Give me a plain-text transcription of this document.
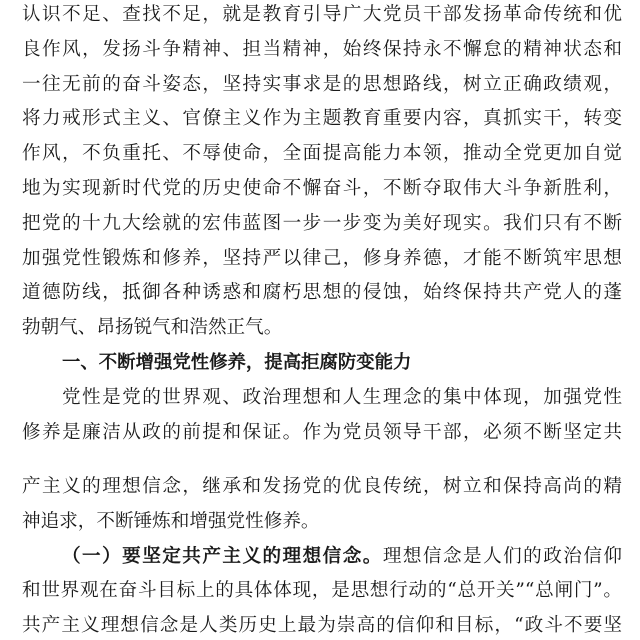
认识不足、查找不足，就是教育引导广大党员干部发扬革命传统和优
良作风，发扬斗争精神、担当精神，始终保持永不懈怠的精神状态和
一往无前的奋斗姿态，坚持实事求是的思想路线，树立正确政绩观，
将力戒形式主义、官僚主义作为主题教育重要内容，真抓实干，转变
作风，不负重托、不辱使命，全面提高能力本领，推动全党更加自觉
地为实现新时代党的历史使命不懈奋斗，不断夺取伟大斗争新胜利，
把党的十九大绘就的宏伟蓝图一步一步变为美好现实。我们只有不断
加强党性锻炼和修养，坚持严以律己，修身养德，才能不断筑牢思想
道德防线，抵御各种诱惑和腐朽思想的侵蚀，始终保持共产党人的蓬
勃朝气、昂扬锐气和浩然正气。
一、不断增强党性修养，提高拒腐防变能力
党性是党的世界观、政治理想和人生理念的集中体现，加强党性
修养是廉洁从政的前提和保证。作为党员领导干部，必须不断坚定共
产主义的理想信念，继承和发扬党的优良传统，树立和保持高尚的精
神追求，不断锤炼和增强党性修养。
（一）要坚定共产主义的理想信念。理想信念是人们的政治信仰
和世界观在奋斗目标上的具体体现，是思想行动的“总开关”“总闸门”。
共产主义理想信念是人类历史上最为崇高的信仰和目标，“政斗不要坚
